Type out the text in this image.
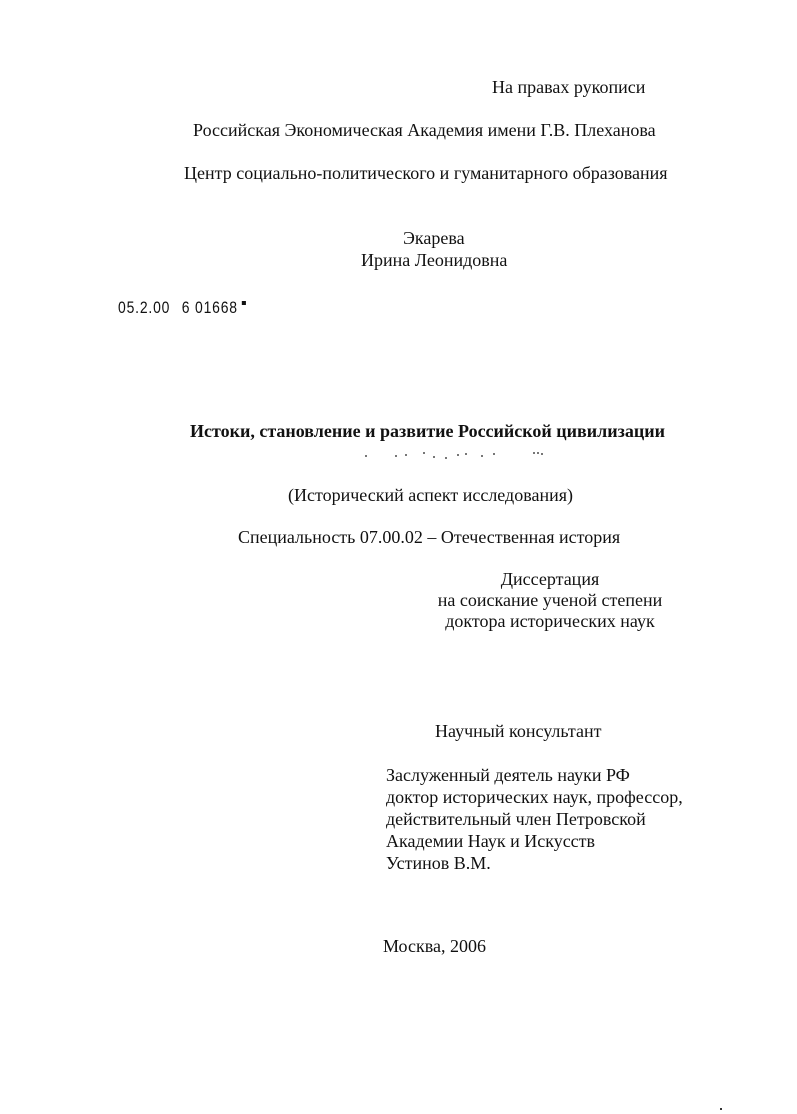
На правах рукописи
Российская Экономическая Академия имени Г.В. Плеханова
Центр социально-политического и гуманитарного образования
Экарева
Ирина Леонидовна
05.2.00 6 01668
Истоки, становление и развитие Российской цивилизации
(Исторический аспект исследования)
Специальность 07.00.02 – Отечественная история
Диссертация
на соискание ученой степени
доктора исторических наук
Научный консультант
Заслуженный деятель науки РФ
доктор исторических наук, профессор,
действительный член Петровской
Академии Наук и Искусств
Устинов В.М.
Москва, 2006
